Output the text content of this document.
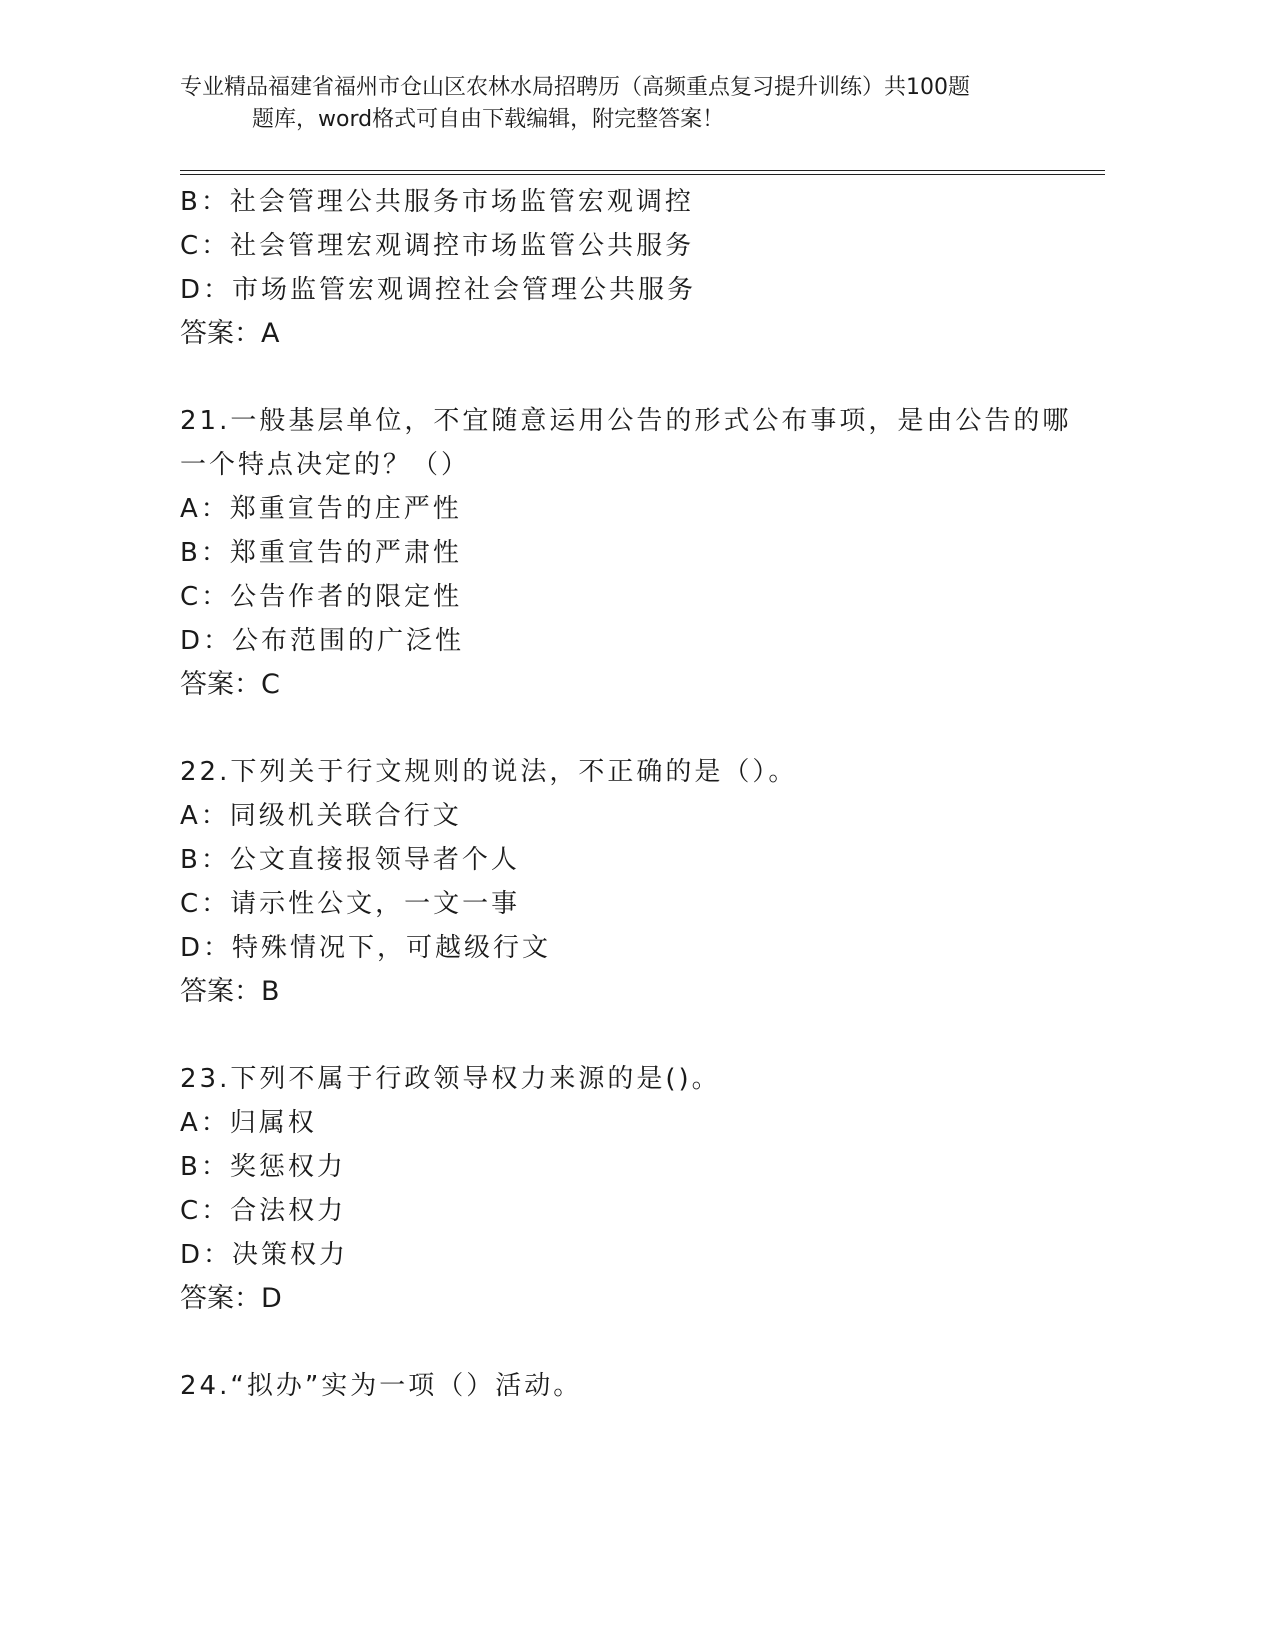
专业精品福建省福州市仓山区农林水局招聘历（高频重点复习提升训练）共100题
题库，word格式可自由下载编辑，附完整答案！
B：社会管理公共服务市场监管宏观调控
C：社会管理宏观调控市场监管公共服务
D：市场监管宏观调控社会管理公共服务
答案：A
21.一般基层单位，不宜随意运用公告的形式公布事项，是由公告的哪
一个特点决定的？（）
A：郑重宣告的庄严性
B：郑重宣告的严肃性
C：公告作者的限定性
D：公布范围的广泛性
答案：C
22.下列关于行文规则的说法，不正确的是（）。
A：同级机关联合行文
B：公文直接报领导者个人
C：请示性公文，一文一事
D：特殊情况下，可越级行文
答案：B
23.下列不属于行政领导权力来源的是()。
A：归属权
B：奖惩权力
C：合法权力
D：决策权力
答案：D
24.“拟办”实为一项（）活动。
